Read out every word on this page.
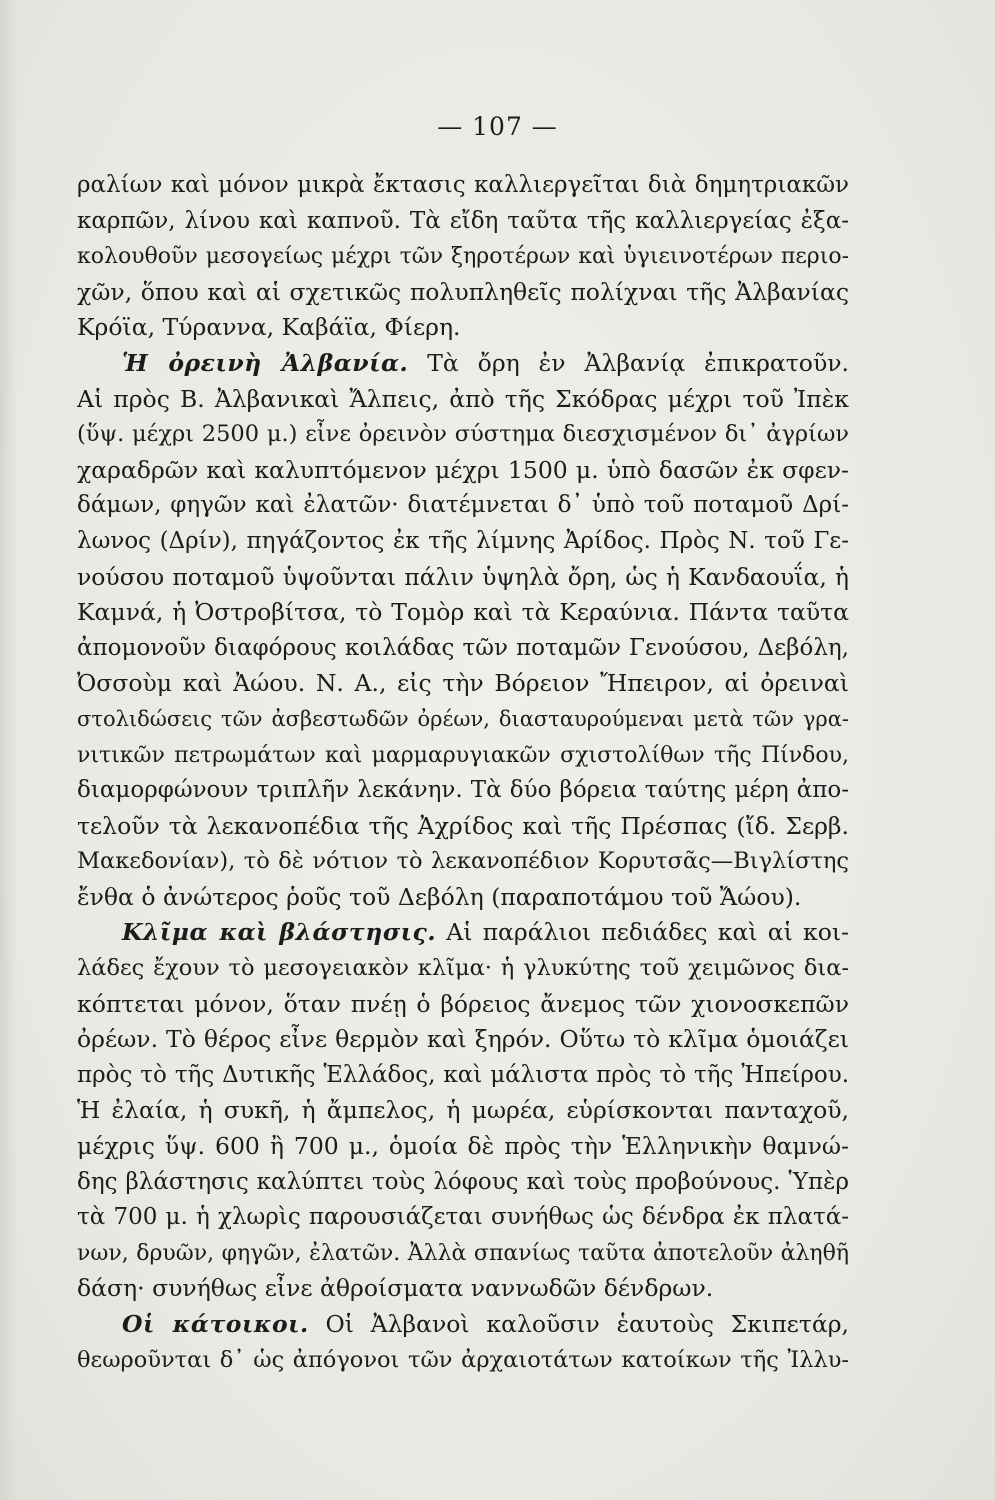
— 107 —
ραλίων καὶ μόνον μικρὰ ἔκτασις καλλιεργεῖται διὰ δημητριακῶν
καρπῶν, λίνου καὶ καπνοῦ. Τὰ εἴδη ταῦτα τῆς καλλιεργείας ἐξα-
κολουθοῦν μεσογείως μέχρι τῶν ξηροτέρων καὶ ὑγιεινοτέρων περιο-
χῶν, ὅπου καὶ αἱ σχετικῶς πολυπληθεῖς πολίχναι τῆς Ἀλβανίας
Κρόϊα, Τύραννα, Καβάϊα, Φίερη.
Ἡ ὀρεινὴ Ἀλβανία. Τὰ ὄρη ἐν Ἀλβανίᾳ ἐπικρατοῦν.
Αἱ πρὸς Β. Ἀλβανικαὶ Ἄλπεις, ἀπὸ τῆς Σκόδρας μέχρι τοῦ Ἰπὲκ
(ὕψ. μέχρι 2500 μ.) εἶνε ὀρεινὸν σύστημα διεσχισμένον δι᾽ ἀγρίων
χαραδρῶν καὶ καλυπτόμενον μέχρι 1500 μ. ὑπὸ δασῶν ἐκ σφεν-
δάμων, φηγῶν καὶ ἐλατῶν· διατέμνεται δ᾽ ὑπὸ τοῦ ποταμοῦ Δρί-
λωνος (Δρίν), πηγάζοντος ἐκ τῆς λίμνης Ἀρίδος. Πρὸς Ν. τοῦ Γε-
νούσου ποταμοῦ ὑψοῦνται πάλιν ὑψηλὰ ὄρη, ὡς ἡ Κανδαουΐα, ἡ
Καμνά, ἡ Ὀστροβίτσα, τὸ Τομὸρ καὶ τὰ Κεραύνια. Πάντα ταῦτα
ἀπομονοῦν διαφόρους κοιλάδας τῶν ποταμῶν Γενούσου, Δεβόλη,
Ὀσσοὺμ καὶ Ἀώου. Ν. Α., εἰς τὴν Βόρειον Ἤπειρον, αἱ ὀρειναὶ
στολιδώσεις τῶν ἀσβεστωδῶν ὀρέων, διασταυρούμεναι μετὰ τῶν γρα-
νιτικῶν πετρωμάτων καὶ μαρμαρυγιακῶν σχιστολίθων τῆς Πίνδου,
διαμορφώνουν τριπλῆν λεκάνην. Τὰ δύο βόρεια ταύτης μέρη ἀπο-
τελοῦν τὰ λεκανοπέδια τῆς Ἀχρίδος καὶ τῆς Πρέσπας (ἴδ. Σερβ.
Μακεδονίαν), τὸ δὲ νότιον τὸ λεκανοπέδιον Κορυτσᾶς—Βιγλίστης
ἔνθα ὁ ἀνώτερος ῥοῦς τοῦ Δεβόλη (παραποτάμου τοῦ Ἄώου).
Κλῖμα καὶ βλάστησις. Αἱ παράλιοι πεδιάδες καὶ αἱ κοι-
λάδες ἔχουν τὸ μεσογειακὸν κλῖμα· ἡ γλυκύτης τοῦ χειμῶνος δια-
κόπτεται μόνον, ὅταν πνέῃ ὁ βόρειος ἄνεμος τῶν χιονοσκεπῶν
ὀρέων. Τὸ θέρος εἶνε θερμὸν καὶ ξηρόν. Οὕτω τὸ κλῖμα ὁμοιάζει
πρὸς τὸ τῆς Δυτικῆς Ἑλλάδος, καὶ μάλιστα πρὸς τὸ τῆς Ἠπείρου.
Ἡ ἐλαία, ἡ συκῆ, ἡ ἄμπελος, ἡ μωρέα, εὑρίσκονται πανταχοῦ,
μέχρις ὕψ. 600 ἢ 700 μ., ὁμοία δὲ πρὸς τὴν Ἑλληνικὴν θαμνώ-
δης βλάστησις καλύπτει τοὺς λόφους καὶ τοὺς προβούνους. Ὑπὲρ
τὰ 700 μ. ἡ χλωρὶς παρουσιάζεται συνήθως ὡς δένδρα ἐκ πλατά-
νων, δρυῶν, φηγῶν, ἐλατῶν. Ἀλλὰ σπανίως ταῦτα ἀποτελοῦν ἀληθῆ
δάση· συνήθως εἶνε ἀθροίσματα ναννωδῶν δένδρων.
Οἱ κάτοικοι. Οἱ Ἀλβανοὶ καλοῦσιν ἑαυτοὺς Σκιπετάρ,
θεωροῦνται δ᾽ ὡς ἀπόγονοι τῶν ἀρχαιοτάτων κατοίκων τῆς Ἰλλυ-
